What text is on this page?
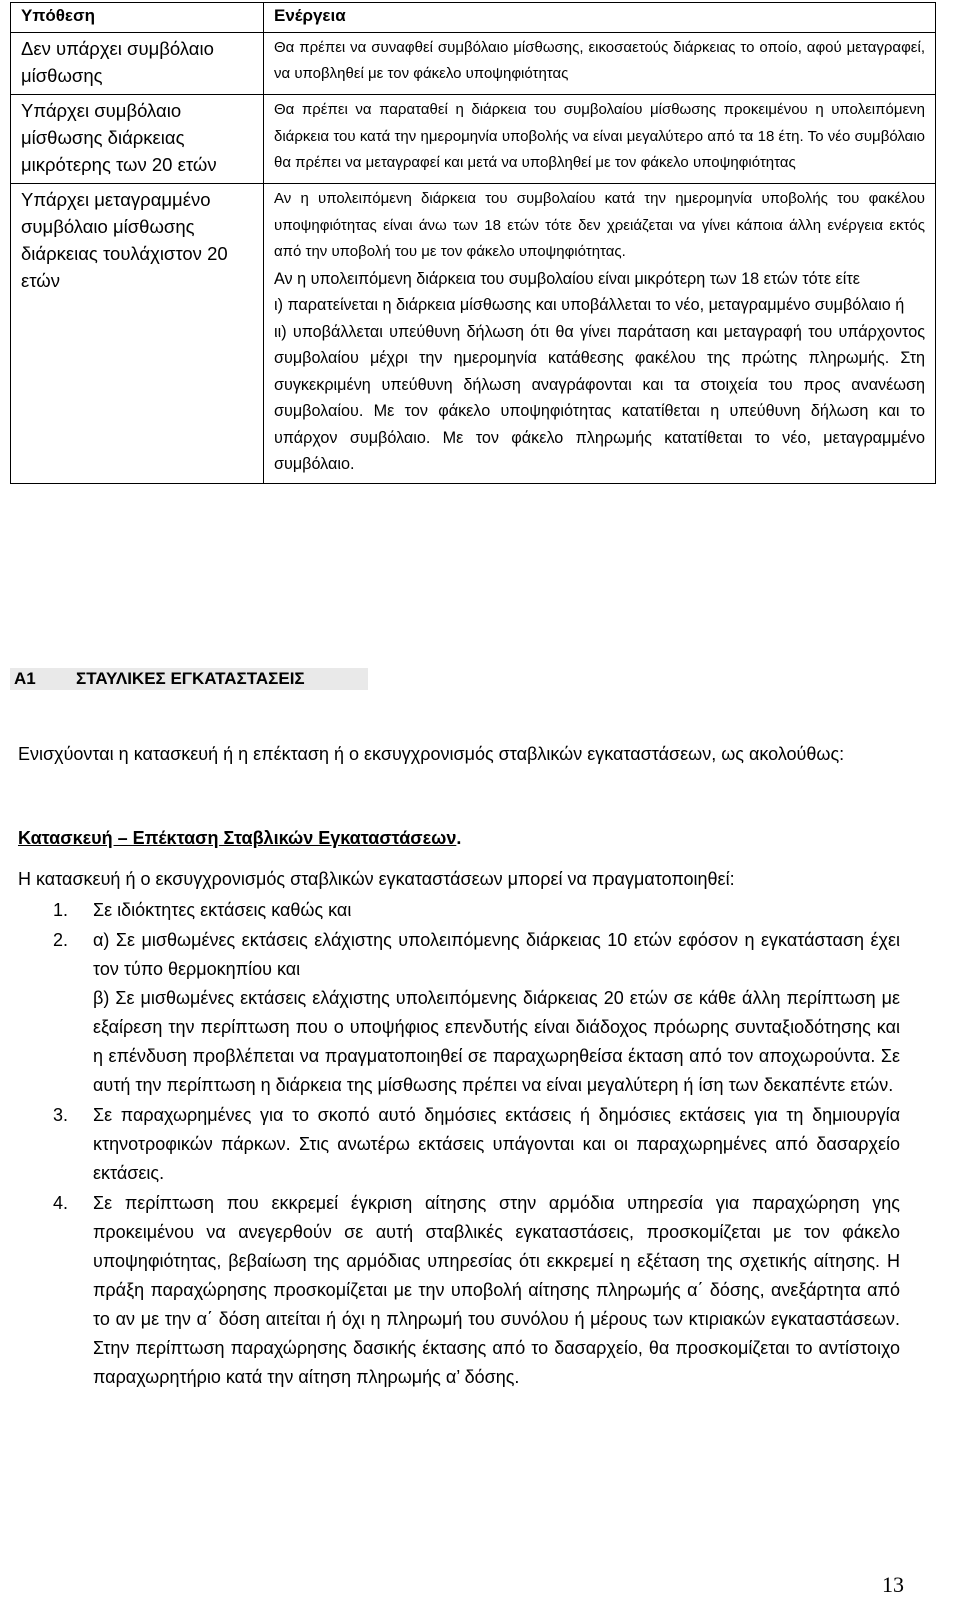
Υπόθεση	Ενέργεια
Δεν υπάρχει συμβόλαιο μίσθωσης	Θα πρέπει να συναφθεί συμβόλαιο μίσθωσης, εικοσαετούς διάρκειας το οποίο, αφού μεταγραφεί, να υποβληθεί με τον φάκελο υποψηφιότητας

Υπάρχει συμβόλαιο μίσθωσης διάρκειας μικρότερης των 20 ετών	Θα πρέπει να παραταθεί η διάρκεια του συμβολαίου μίσθωσης προκειμένου η υπολειπόμενη διάρκεια του κατά την ημερομηνία υποβολής να είναι μεγαλύτερο από τα 18 έτη. Το νέο συμβόλαιο θα πρέπει να μεταγραφεί και μετά να υποβληθεί με τον φάκελο υποψηφιότητας

Υπάρχει μεταγραμμένο συμβόλαιο μίσθωσης διάρκειας τουλάχιστον 20 ετών	Αν η υπολειπόμενη διάρκεια του συμβολαίου κατά την ημερομηνία υποβολής του φακέλου υποψηφιότητας είναι άνω των 18 ετών τότε δεν χρειάζεται να γίνει κάποια άλλη ενέργεια εκτός από την υποβολή του με τον φάκελο υποψηφιότητας.

Αν η υπολειπόμενη διάρκεια του συμβολαίου είναι μικρότερη των 18 ετών τότε είτε

ι) παρατείνεται η διάρκεια μίσθωσης και υποβάλλεται το νέο, μεταγραμμένο συμβόλαιο ή

ιι) υποβάλλεται υπεύθυνη δήλωση ότι θα γίνει παράταση και μεταγραφή του υπάρχοντος συμβολαίου μέχρι την ημερομηνία κατάθεσης φακέλου της πρώτης πληρωμής. Στη συγκεκριμένη υπεύθυνη δήλωση αναγράφονται και τα στοιχεία του προς ανανέωση συμβολαίου. Με τον φάκελο υποψηφιότητας κατατίθεται η υπεύθυνη δήλωση και το υπάρχον συμβόλαιο. Με τον φάκελο πληρωμής κατατίθεται το νέο, μεταγραμμένο συμβόλαιο.

Α1 ΣΤΑΥΛΙΚΕΣ ΕΓΚΑΤΑΣΤΑΣΕΙΣ

Ενισχύονται η κατασκευή ή η επέκταση ή ο εκσυγχρονισμός σταβλικών εγκαταστάσεων, ως ακολούθως:

Κατασκευή – Επέκταση Σταβλικών Εγκαταστάσεων.

Η κατασκευή ή ο εκσυγχρονισμός σταβλικών εγκαταστάσεων μπορεί να πραγματοποιηθεί:

1. Σε ιδιόκτητες εκτάσεις καθώς και

2. α) Σε μισθωμένες εκτάσεις ελάχιστης υπολειπόμενης διάρκειας 10 ετών εφόσον η εγκατάσταση έχει τον τύπο θερμοκηπίου και

β) Σε μισθωμένες εκτάσεις ελάχιστης υπολειπόμενης διάρκειας 20 ετών σε κάθε άλλη περίπτωση με εξαίρεση την περίπτωση που ο υποψήφιος επενδυτής είναι διάδοχος πρόωρης συνταξιοδότησης και η επένδυση προβλέπεται να πραγματοποιηθεί σε παραχωρηθείσα έκταση από τον αποχωρούντα. Σε αυτή την περίπτωση η διάρκεια της μίσθωσης πρέπει να είναι μεγαλύτερη ή ίση των δεκαπέντε ετών.

3. Σε παραχωρημένες για το σκοπό αυτό δημόσιες εκτάσεις ή δημόσιες εκτάσεις για τη δημιουργία κτηνοτροφικών πάρκων. Στις ανωτέρω εκτάσεις υπάγονται και οι παραχωρημένες από δασαρχείο εκτάσεις.

4. Σε περίπτωση που εκκρεμεί έγκριση αίτησης στην αρμόδια υπηρεσία για παραχώρηση γης προκειμένου να ανεγερθούν σε αυτή σταβλικές εγκαταστάσεις, προσκομίζεται με τον φάκελο υποψηφιότητας, βεβαίωση της αρμόδιας υπηρεσίας ότι εκκρεμεί η εξέταση της σχετικής αίτησης. Η πράξη παραχώρησης προσκομίζεται με την υποβολή αίτησης πληρωμής α΄ δόσης, ανεξάρτητα από το αν με την α΄ δόση αιτείται ή όχι η πληρωμή του συνόλου ή μέρους των κτιριακών εγκαταστάσεων. Στην περίπτωση παραχώρησης δασικής έκτασης από το δασαρχείο, θα προσκομίζεται το αντίστοιχο παραχωρητήριο κατά την αίτηση πληρωμής α’ δόσης.

13
